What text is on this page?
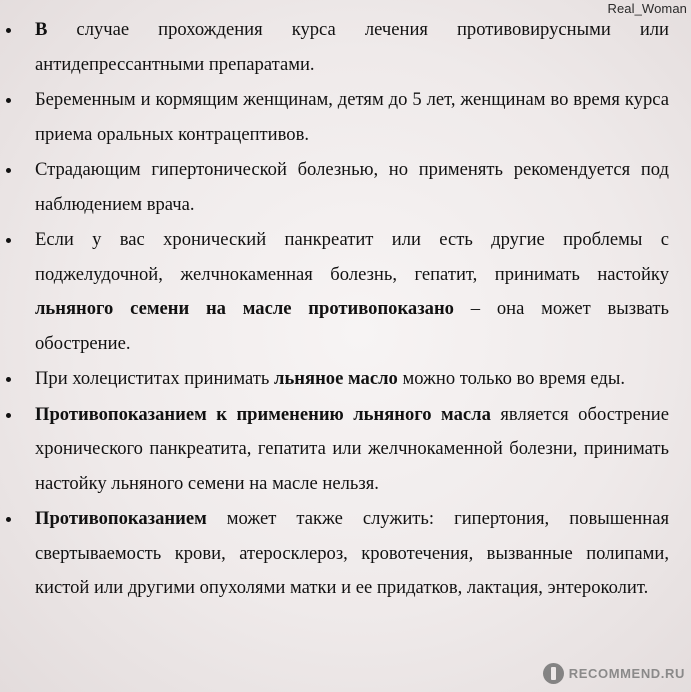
Real_Woman
В случае прохождения курса лечения противовирусными или антидепрессантными препаратами.
Беременным и кормящим женщинам, детям до 5 лет, женщинам во время курса приема оральных контрацептивов.
Страдающим гипертонической болезнью, но применять рекомендуется под наблюдением врача.
Если у вас хронический панкреатит или есть другие проблемы с поджелудочной, желчнокаменная болезнь, гепатит, принимать настойку льняного семени на масле противопоказано – она может вызвать обострение.
При холециститах принимать льняное масло можно только во время еды.
Противопоказанием к применению льняного масла является обострение хронического панкреатита, гепатита или желчнокаменной болезни, принимать настойку льняного семени на масле нельзя.
Противопоказанием может также служить: гипертония, повышенная свертываемость крови, атеросклероз, кровотечения, вызванные полипами, кистой или другими опухолями матки и ее придатков, лактация, энтероколит.
RECOMMEND.RU
